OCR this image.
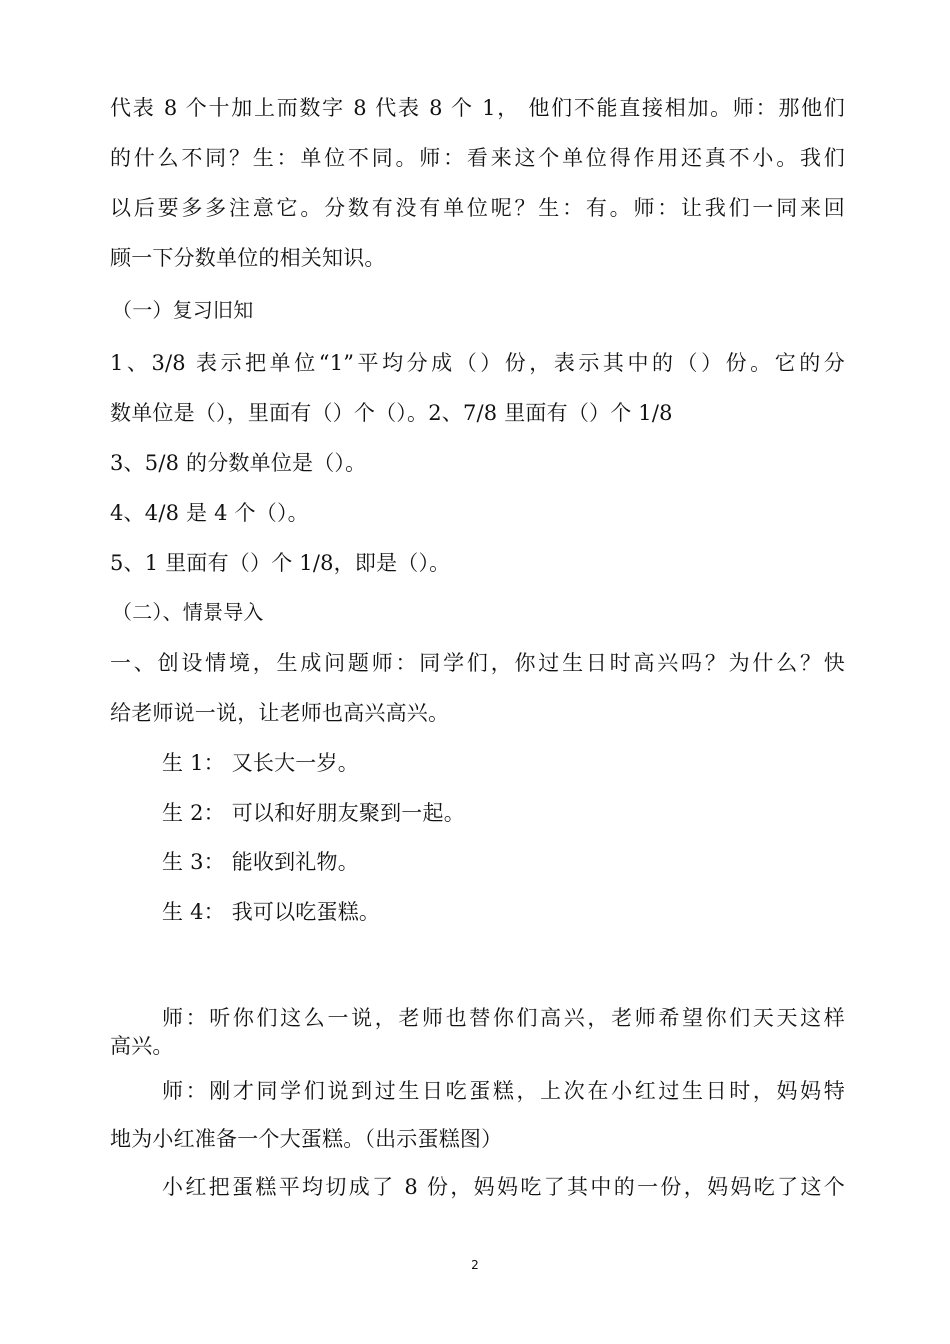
代表 8 个十加上而数字 8 代表 8 个 1， 他们不能直接相加。师：那他们
的什么不同？生：单位不同。师：看来这个单位得作用还真不小。我们
以后要多多注意它。分数有没有单位呢？生：有。师：让我们一同来回
顾一下分数单位的相关知识。
（一）复习旧知
1、3/8 表示把单位“1”平均分成（）份，表示其中的（）份。它的分
数单位是（），里面有（）个（）。2、7/8 里面有（）个 1/8
3、5/8 的分数单位是（）。
4、4/8 是 4 个（）。
5、1 里面有（）个 1/8，即是（）。
（二）、情景导入
一、创设情境，生成问题师：同学们，你过生日时高兴吗？为什么？快
给老师说一说，让老师也高兴高兴。
生 1： 又长大一岁。
生 2： 可以和好朋友聚到一起。
生 3： 能收到礼物。
生 4： 我可以吃蛋糕。
师：听你们这么一说，老师也替你们高兴，老师希望你们天天这样
高兴。
师：刚才同学们说到过生日吃蛋糕，上次在小红过生日时，妈妈特
地为小红准备一个大蛋糕。（出示蛋糕图）
小红把蛋糕平均切成了 8 份，妈妈吃了其中的一份，妈妈吃了这个
2
